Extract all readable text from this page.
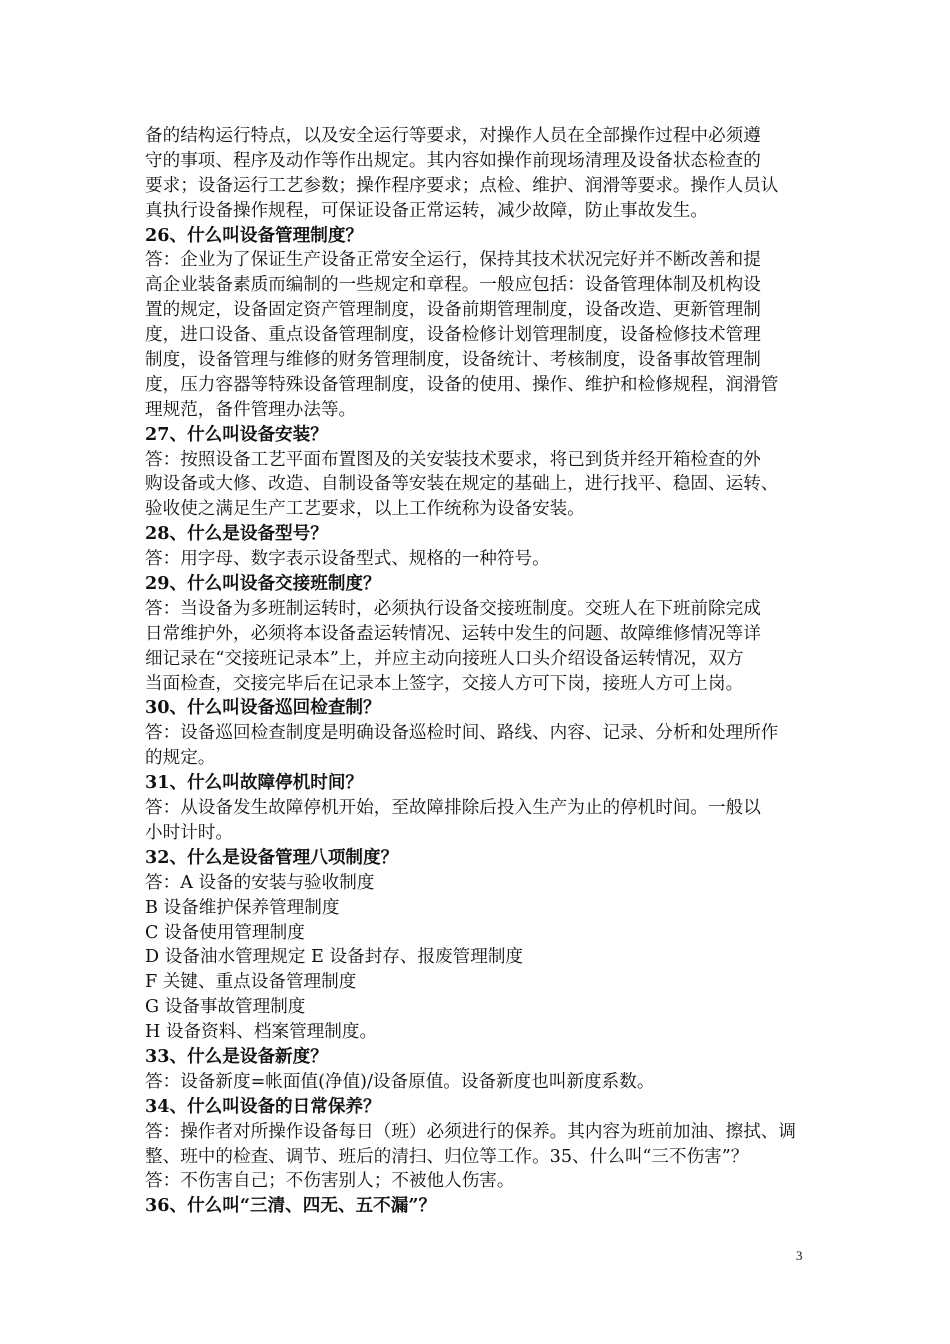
备的结构运行特点，以及安全运行等要求，对操作人员在全部操作过程中必须遵
守的事项、程序及动作等作出规定。其内容如操作前现场清理及设备状态检查的
要求；设备运行工艺参数；操作程序要求；点检、维护、润滑等要求。操作人员认
真执行设备操作规程，可保证设备正常运转，减少故障，防止事故发生。
26、什么叫设备管理制度？
答：企业为了保证生产设备正常安全运行，保持其技术状况完好并不断改善和提
高企业装备素质而编制的一些规定和章程。一般应包括：设备管理体制及机构设
置的规定，设备固定资产管理制度，设备前期管理制度，设备改造、更新管理制
度，进口设备、重点设备管理制度，设备检修计划管理制度，设备检修技术管理
制度，设备管理与维修的财务管理制度，设备统计、考核制度，设备事故管理制
度，压力容器等特殊设备管理制度，设备的使用、操作、维护和检修规程，润滑管
理规范，备件管理办法等。
27、什么叫设备安装？
答：按照设备工艺平面布置图及的关安装技术要求，将已到货并经开箱检查的外
购设备或大修、改造、自制设备等安装在规定的基础上，进行找平、稳固、运转、
验收使之满足生产工艺要求，以上工作统称为设备安装。
28、什么是设备型号？
答：用字母、数字表示设备型式、规格的一种符号。
29、什么叫设备交接班制度？
答：当设备为多班制运转时，必须执行设备交接班制度。交班人在下班前除完成
日常维护外，必须将本设备盍运转情况、运转中发生的问题、故障维修情况等详
细记录在“交接班记录本”上，并应主动向接班人口头介绍设备运转情况，双方
当面检查，交接完毕后在记录本上签字，交接人方可下岗，接班人方可上岗。
30、什么叫设备巡回检查制？
答：设备巡回检查制度是明确设备巡检时间、路线、内容、记录、分析和处理所作
的规定。
31、什么叫故障停机时间？
答：从设备发生故障停机开始，至故障排除后投入生产为止的停机时间。一般以
小时计时。
32、什么是设备管理八项制度？
答：A 设备的安装与验收制度
B 设备维护保养管理制度
C 设备使用管理制度
D 设备油水管理规定 E 设备封存、报废管理制度
F 关键、重点设备管理制度
G 设备事故管理制度
H 设备资料、档案管理制度。
33、什么是设备新度？
答：设备新度=帐面值(净值)/设备原值。设备新度也叫新度系数。
34、什么叫设备的日常保养？
答：操作者对所操作设备每日（班）必须进行的保养。其内容为班前加油、擦拭、调
整、班中的检查、调节、班后的清扫、归位等工作。35、什么叫“三不伤害”？
答：不伤害自己；不伤害别人；不被他人伤害。
36、什么叫“三清、四无、五不漏”？
3
